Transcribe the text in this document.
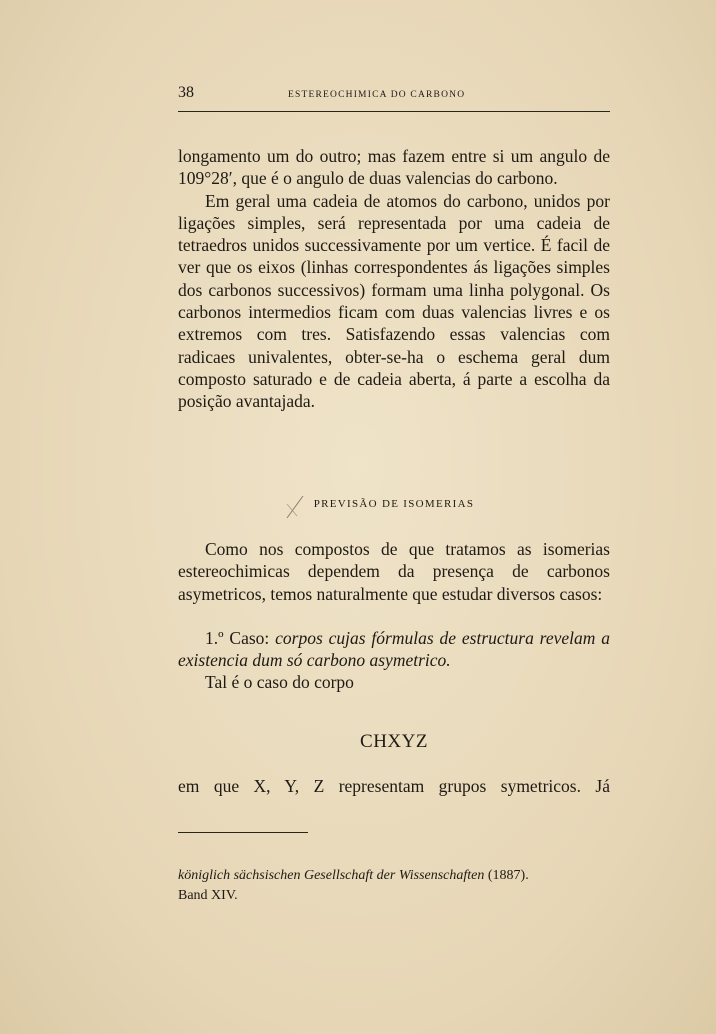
38	ESTEREOCHIMICA DO CARBONO

longamento um do outro; mas fazem entre si um angulo de 109°28′, que é o angulo de duas valencias do carbono.

Em geral uma cadeia de atomos do carbono, unidos por ligações simples, será representada por uma cadeia de tetraedros unidos successivamente por um vertice. É facil de ver que os eixos (linhas correspondentes ás ligações simples dos carbonos successivos) formam uma linha polygonal. Os carbonos intermedios ficam com duas valencias livres e os extremos com tres. Satisfazendo essas valencias com radicaes univalentes, obter-se-ha o eschema geral dum composto saturado e de cadeia aberta, á parte a escolha da posição avantajada.

PREVISÃO DE ISOMERIAS

Como nos compostos de que tratamos as isomerias estereochimicas dependem da presença de carbonos asymetricos, temos naturalmente que estudar diversos casos:

1.º Caso: corpos cujas fórmulas de estructura revelam a existencia dum só carbono asymetrico.

Tal é o caso do corpo

CHXYZ
em que X, Y, Z representam grupos symetricos. Já
königlich sächsischen Gesellschaft der Wissenschaften (1887).
Band XIV.
